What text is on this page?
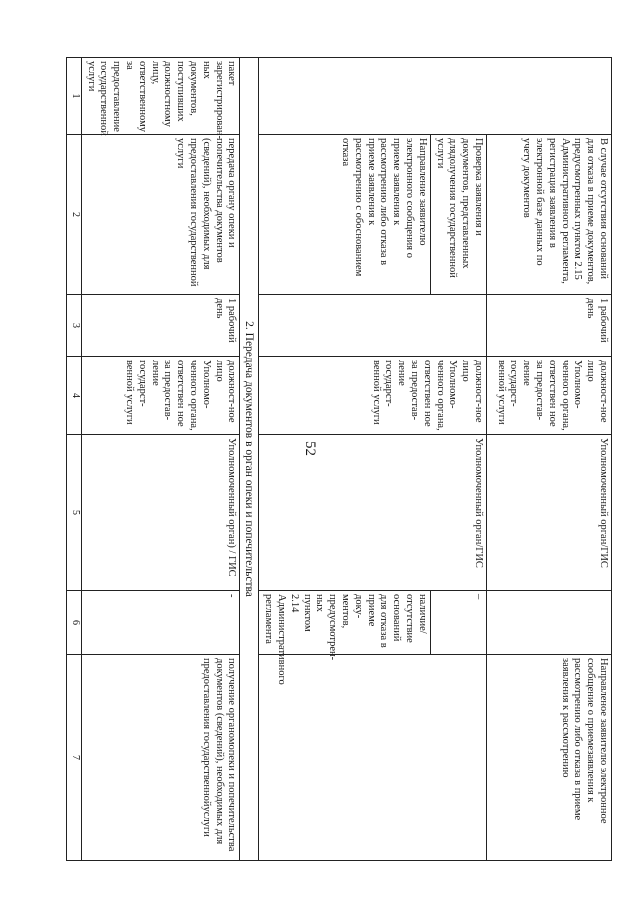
52
	В случае отсутствия оснований для отказа в приеме документов, предусмотренных пунктом 2.15 Административного регламента, регистрация заявления в электронной базе данных по учету документов	1 рабочий день	должност-ное лицо Уполномо-ченного органа, ответствен ное за предостав-ление государст-венной услуги	Уполномоченный орган/ГИС		Направленое заявителю электронное сообщение о приемезаявления к рассмотрению либо отказа в приеме заявления к рассмотрению
	Проверка заявления и документов, представленных длядолучения государственной услуги		должност-ное лицо Уполномо-ченного органа, ответствен ное за предостав-ление государст-венной услуги	Уполномоченный орган/ГИС	–	
	Направление заявителю электронного сообщения о приеме заявления к рассмотрению либо отказа в приеме заявления к рассмотрению с обоснованием отказа				наличие/отсутствие оснований для отказа в приеме доку-ментов, предусмотрен-ных пунктом 2.14 Административного регламента	
2. Передача документов в орган опеки и попечительства						
пакет зарегистрирован-ных документов, поступивших должностному лицу, ответственному за предоставление государственной услуги	передача органу опеки и попечительства документов (сведений), необходимых для предоставления государственной услуги	1 рабочий день	должност-ное лицо Уполномо-ченного органа, ответствен ное за предостав-ление государст-венной услуги	Уполномоченный орган) / ГИС	-	получение органомопеки и попечительства документов (сведений), необходимых для предоставления государственнойуслуги
1	2	3	4	5	6	7
